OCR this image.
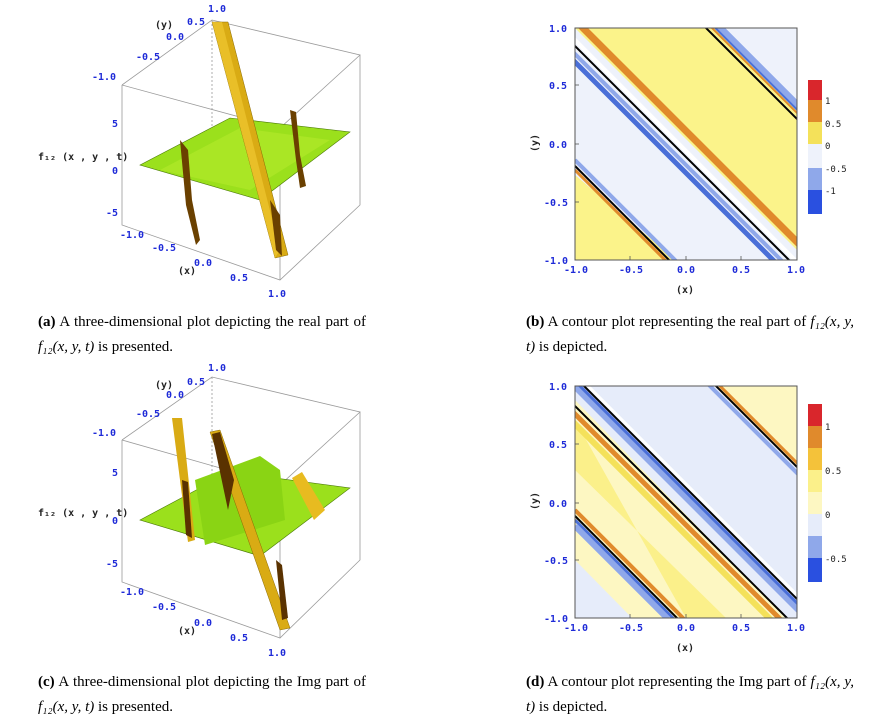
(y)
f₁₂ (x , y , t)
(x)
-1.0
-0.5
0.0
0.5
1.0
5
0
-5
-1.0
-0.5
0.0
0.5
1.0
(a) A three-dimensional plot depicting the real part of f₁₂(x, y, t) is presented.
1
0.5
0
-0.5
-1
1.0
0.5
0.0
-0.5
-1.0
-1.0	-0.5	0.0	0.5	1.0
(x)
(y)
(b) A contour plot representing the real part of f₁₂(x, y, t) is depicted.
(y)
f₁₂ (x , y , t)
(x)
-1.0
-0.5
0.0
0.5
1.0
5
0
-5
-1.0
-0.5
0.0
0.5
1.0
(c) A three-dimensional plot depicting the Img part of f₁₂(x, y, t) is presented.
1
0.5
0
-0.5
1.0
0.5
0.0
-0.5
-1.0
-1.0	-0.5	0.0	0.5	1.0
(x)
(y)
(d) A contour plot representing the Img part of f₁₂(x, y, t) is depicted.
